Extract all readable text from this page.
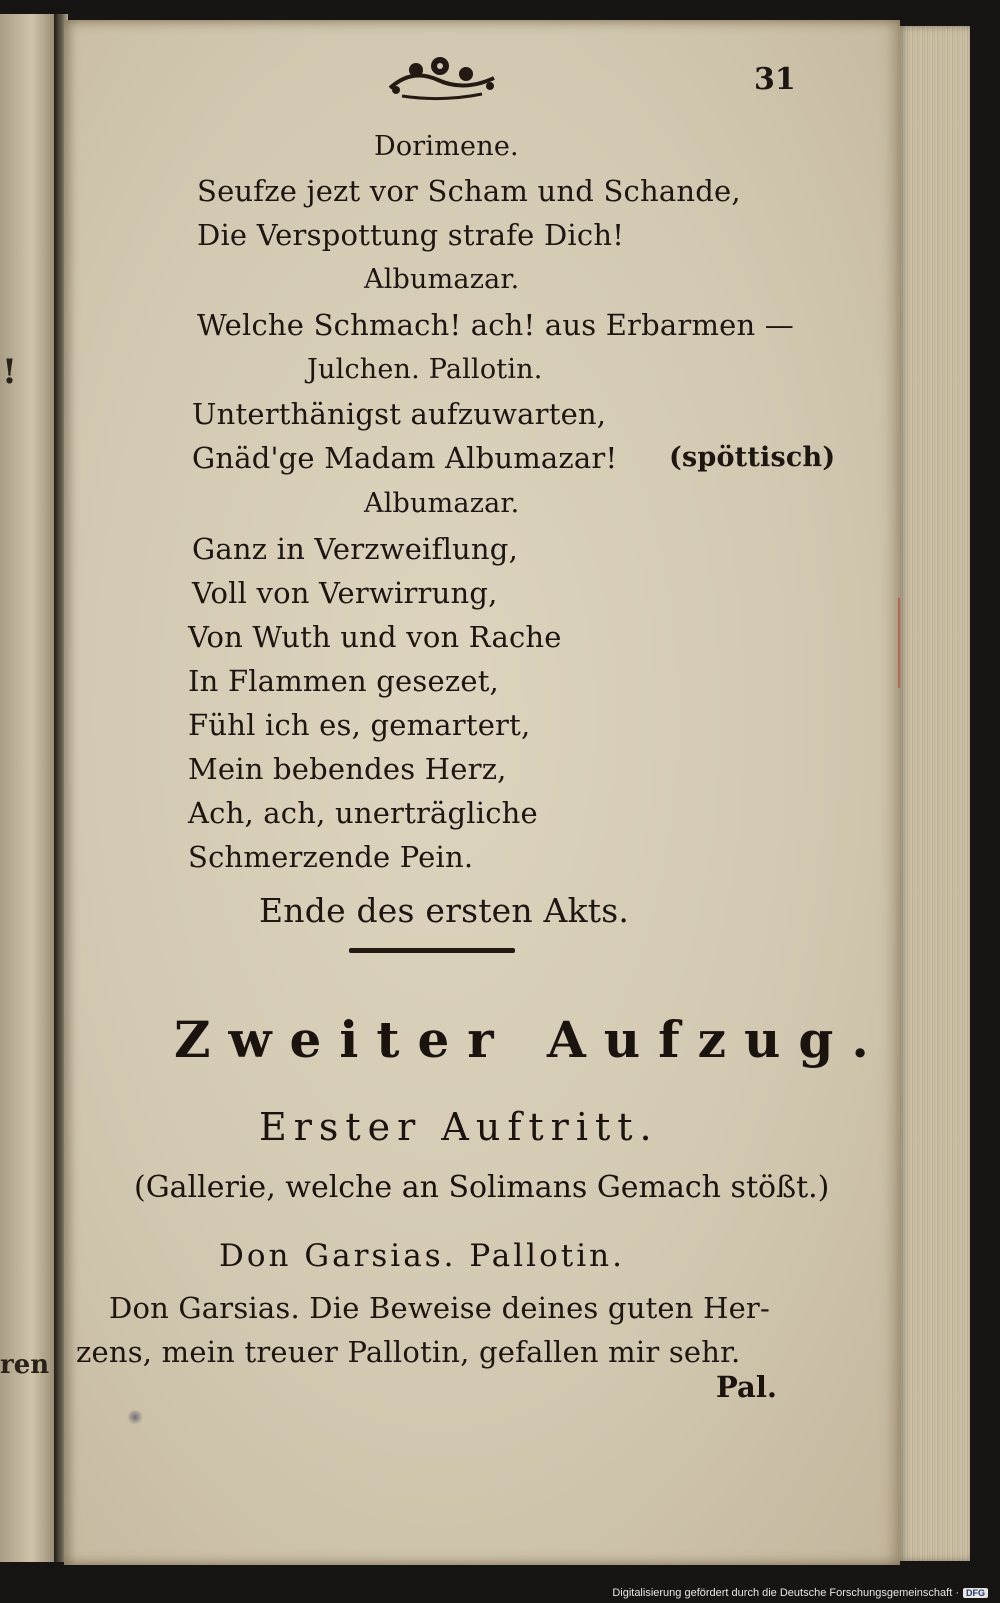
!
ren
31
Dorimene.
Seufze jezt vor Scham und Schande,
Die Verspottung strafe Dich!
Albumazar.
Welche Schmach! ach! aus Erbarmen —
Julchen. Pallotin.
Unterthänigst aufzuwarten,
Gnäd'ge Madam Albumazar! (spöttisch)
Albumazar.
Ganz in Verzweiflung,
Voll von Verwirrung,
Von Wuth und von Rache
In Flammen gesezet,
Fühl ich es, gemartert,
Mein bebendes Herz,
Ach, ach, unerträgliche
Schmerzende Pein.
Ende des ersten Akts.
Zweiter Aufzug.
Erster Auftritt.
(Gallerie, welche an Solimans Gemach stößt.)
Don Garsias. Pallotin.
Don Garsias. Die Beweise deines guten Her-
zens, mein treuer Pallotin, gefallen mir sehr.
Pal.
Digitalisierung gefördert durch die Deutsche Forschungsgemeinschaft · DFG
